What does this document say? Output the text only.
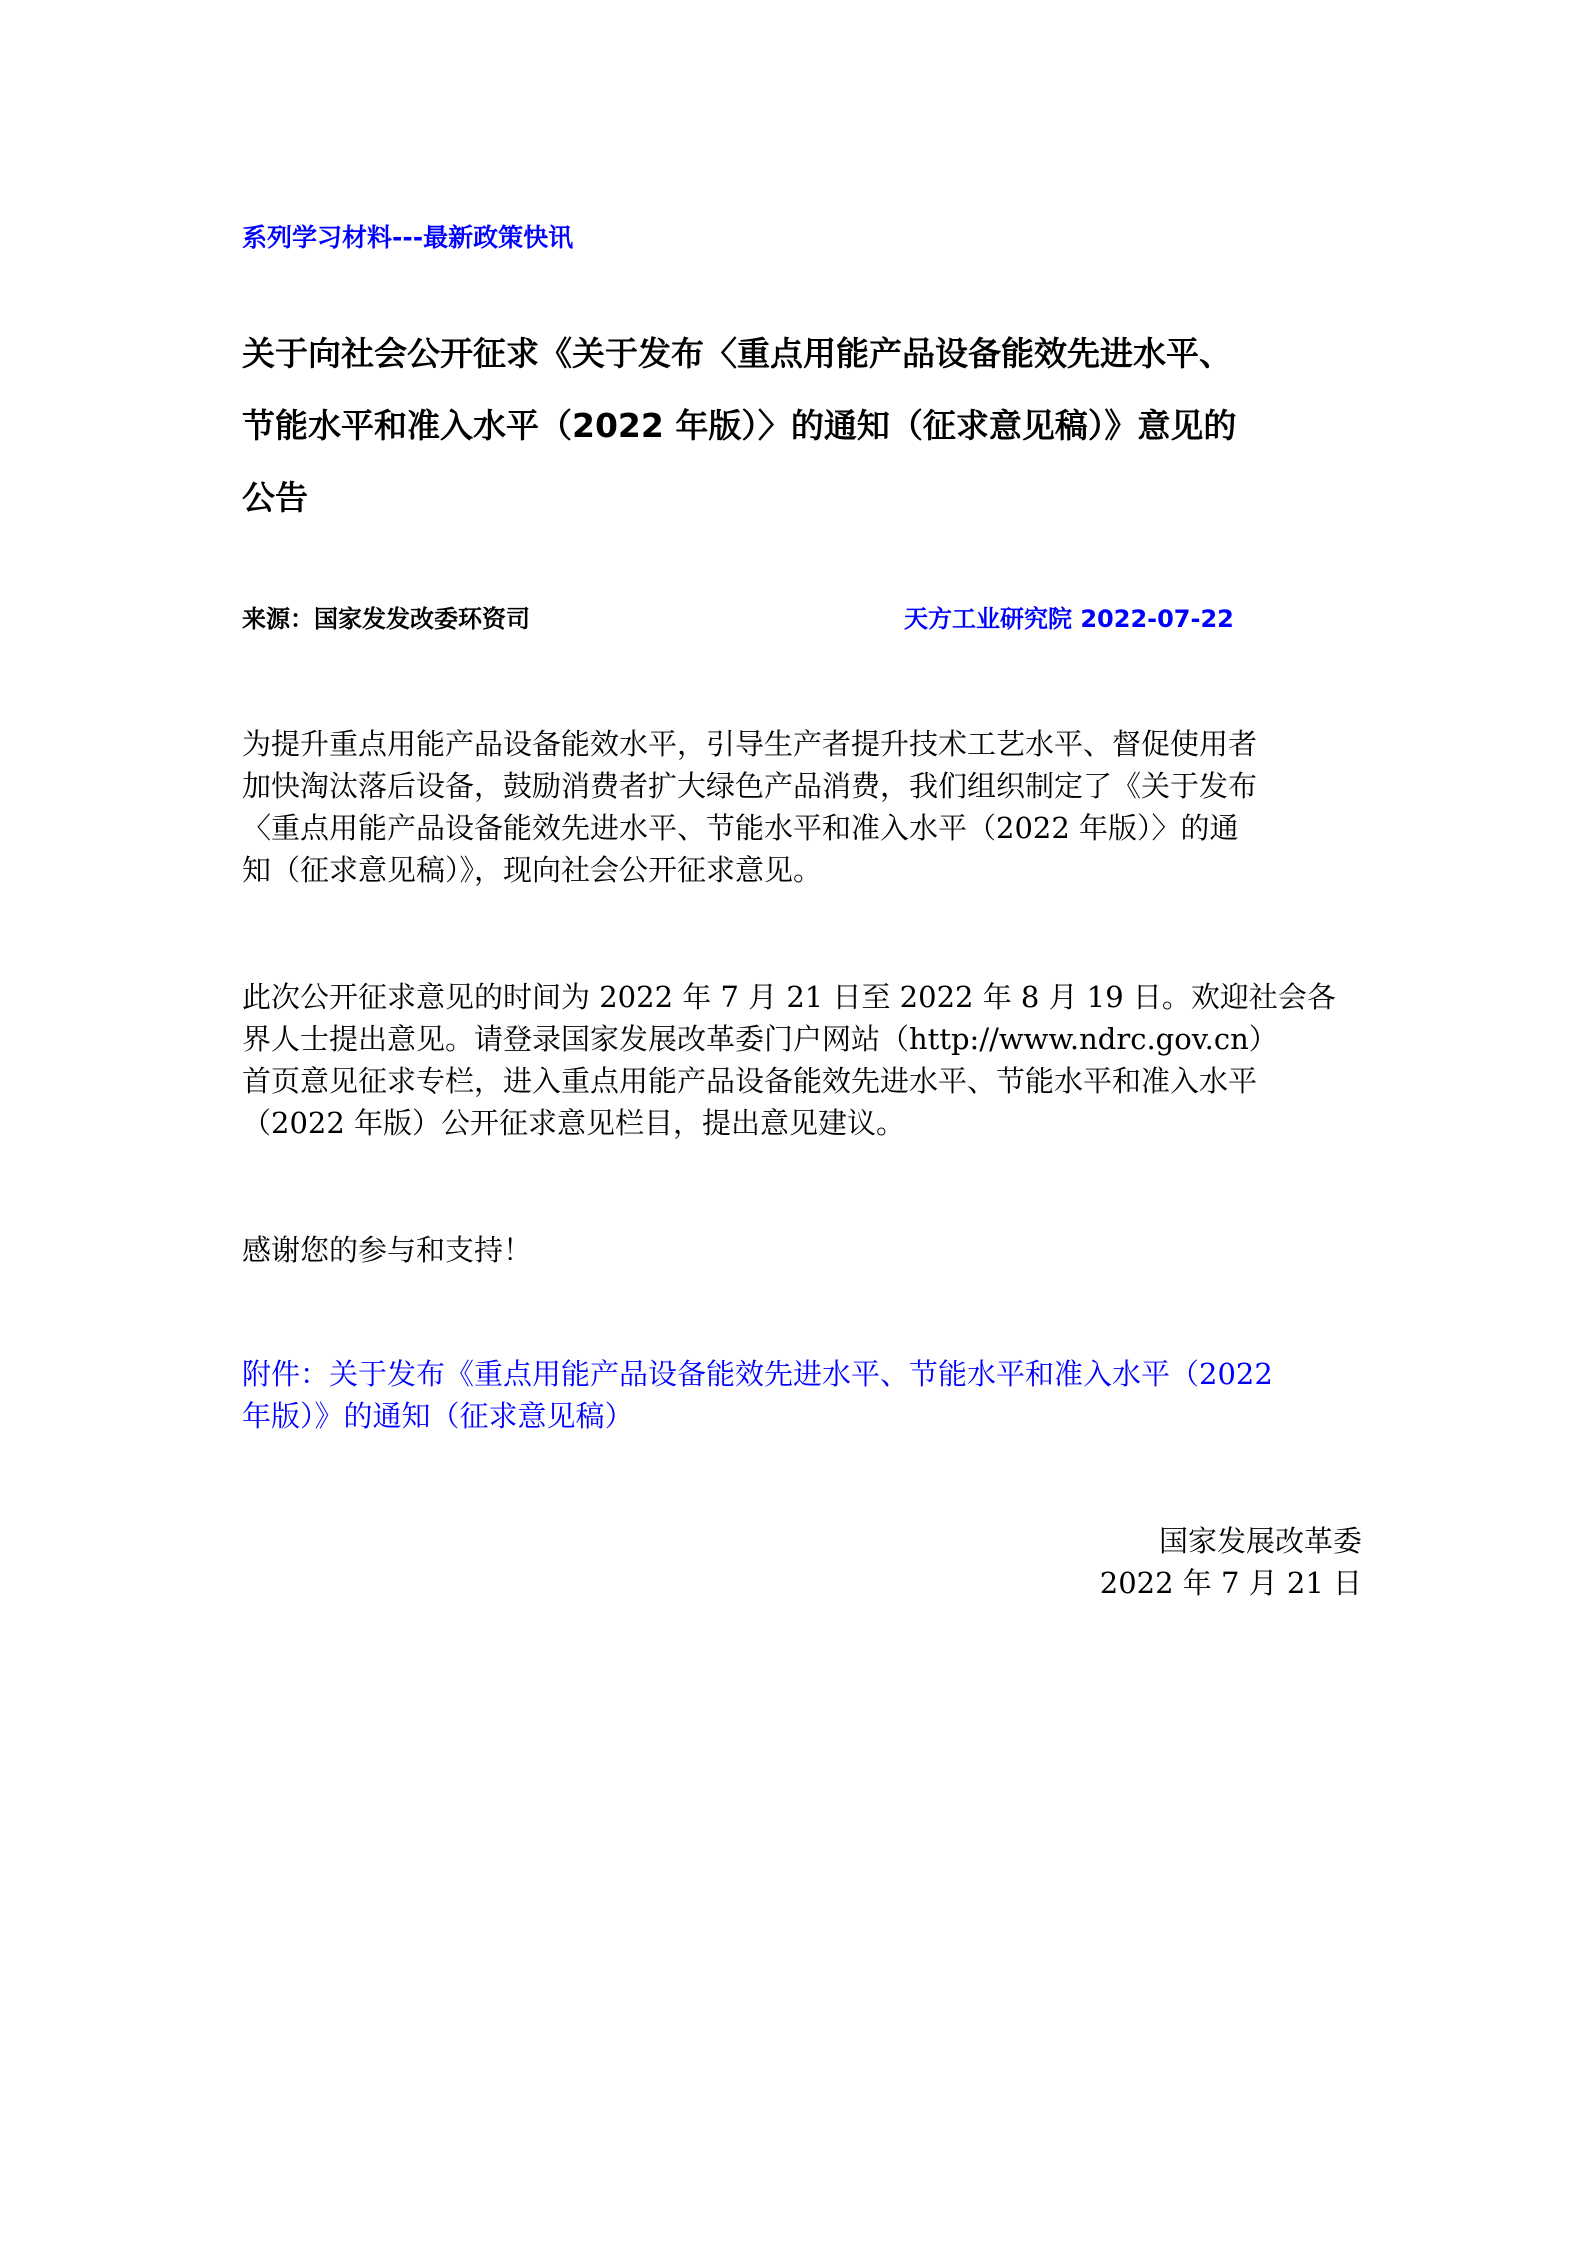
系列学习材料---最新政策快讯
关于向社会公开征求《关于发布〈重点用能产品设备能效先进水平、
节能水平和准入水平（2022 年版）〉的通知（征求意见稿）》意见的
公告
来源：国家发发改委环资司	天方工业研究院 2022-07-22
为提升重点用能产品设备能效水平，引导生产者提升技术工艺水平、督促使用者
加快淘汰落后设备，鼓励消费者扩大绿色产品消费，我们组织制定了《关于发布
〈重点用能产品设备能效先进水平、节能水平和准入水平（2022 年版）〉的通
知（征求意见稿）》，现向社会公开征求意见。
此次公开征求意见的时间为 2022 年 7 月 21 日至 2022 年 8 月 19 日。欢迎社会各
界人士提出意见。请登录国家发展改革委门户网站（http://www.ndrc.gov.cn）
首页意见征求专栏，进入重点用能产品设备能效先进水平、节能水平和准入水平
（2022 年版）公开征求意见栏目，提出意见建议。
感谢您的参与和支持！
附件：关于发布《重点用能产品设备能效先进水平、节能水平和准入水平（2022
年版）》的通知（征求意见稿）
国家发展改革委
2022 年 7 月 21 日
